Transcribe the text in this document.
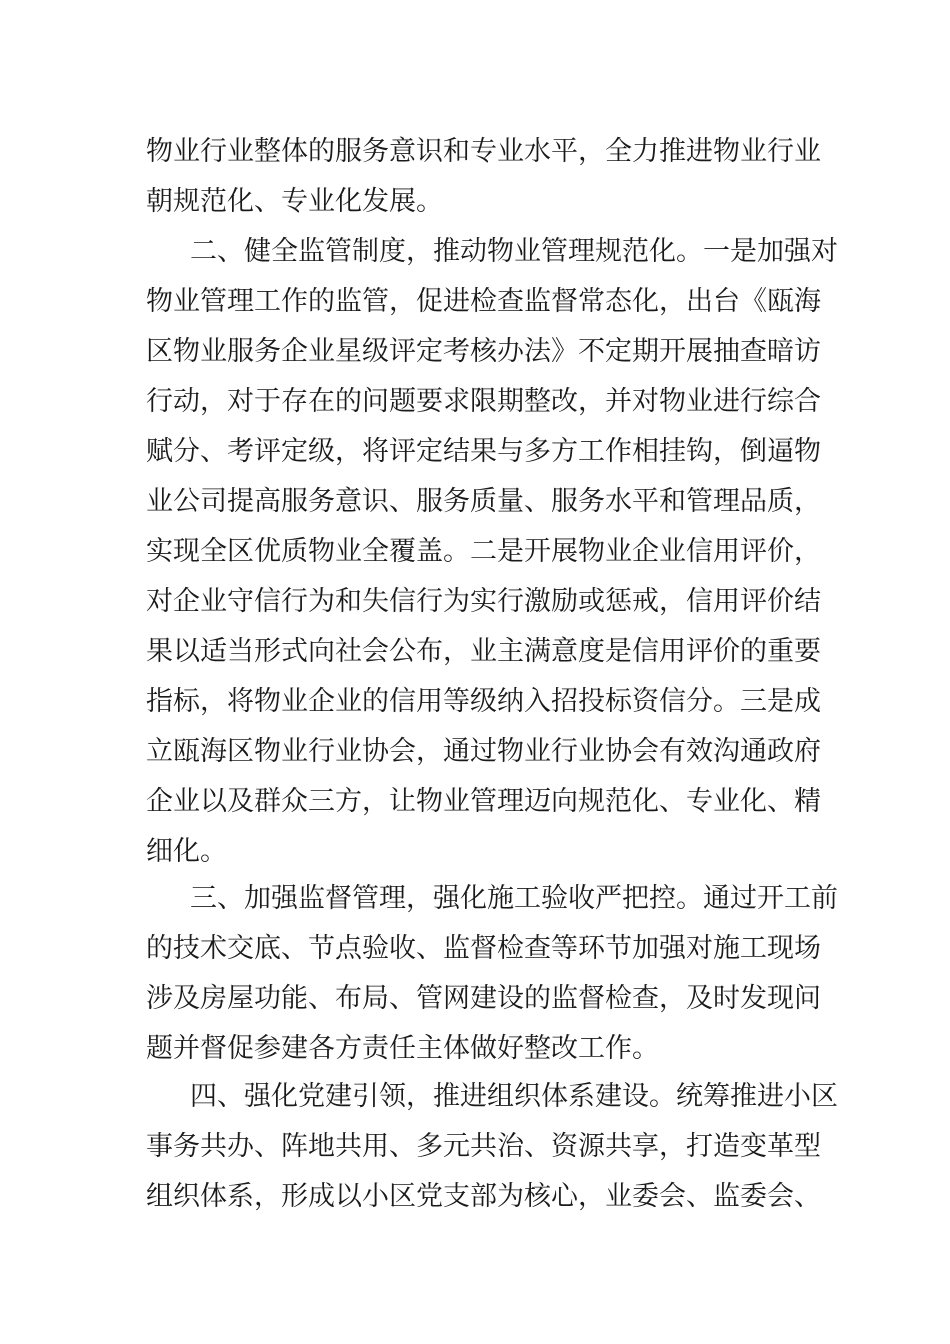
物业行业整体的服务意识和专业水平，全力推进物业行业
朝规范化、专业化发展。
二、健全监管制度，推动物业管理规范化。一是加强对
物业管理工作的监管，促进检查监督常态化，出台《瓯海
区物业服务企业星级评定考核办法》不定期开展抽查暗访
行动，对于存在的问题要求限期整改，并对物业进行综合
赋分、考评定级，将评定结果与多方工作相挂钩，倒逼物
业公司提高服务意识、服务质量、服务水平和管理品质，
实现全区优质物业全覆盖。二是开展物业企业信用评价，
对企业守信行为和失信行为实行激励或惩戒，信用评价结
果以适当形式向社会公布，业主满意度是信用评价的重要
指标，将物业企业的信用等级纳入招投标资信分。三是成
立瓯海区物业行业协会，通过物业行业协会有效沟通政府
企业以及群众三方，让物业管理迈向规范化、专业化、精
细化。
三、加强监督管理，强化施工验收严把控。通过开工前
的技术交底、节点验收、监督检查等环节加强对施工现场
涉及房屋功能、布局、管网建设的监督检查，及时发现问
题并督促参建各方责任主体做好整改工作。
四、强化党建引领，推进组织体系建设。统筹推进小区
事务共办、阵地共用、多元共治、资源共享，打造变革型
组织体系，形成以小区党支部为核心，业委会、监委会、
